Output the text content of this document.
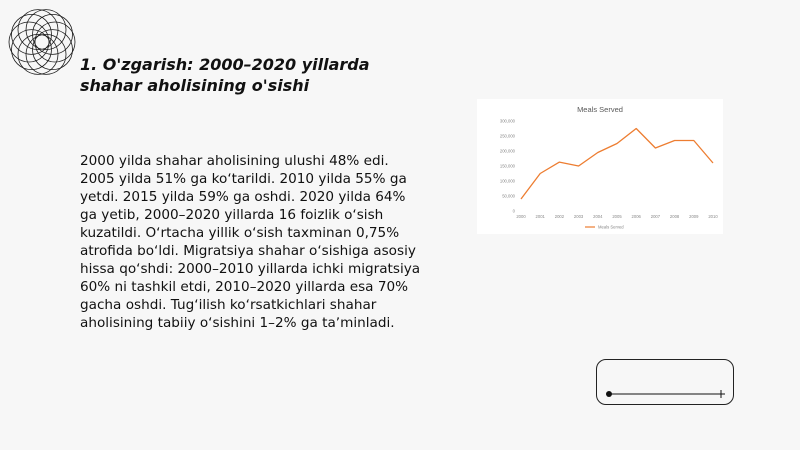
1. O'zgarish: 2000–2020 yillarda
shahar aholisining o'sishi

2000 yilda shahar aholisining ulushi 48% edi. 2005 yilda 51% ga koʻtarildi. 2010 yilda 55% ga yetdi. 2015 yilda 59% ga oshdi. 2020 yilda 64% ga yetib, 2000–2020 yillarda 16 foizlik oʻsish kuzatildi. Oʻrtacha yillik oʻsish taxminan 0,75% atrofida boʻldi. Migratsiya shahar oʻsishiga asosiy hissa qoʻshdi: 2000–2010 yillarda ichki migratsiya 60% ni tashkil etdi, 2010–2020 yillarda esa 70% gacha oshdi. Tugʻilish koʻrsatkichlari shahar aholisining tabiiy oʻsishini 1–2% ga taʼminladi.

Meals Served
0
50,000
100,000
150,000
200,000
250,000
300,000
2000 2001 2002 2003 2004 2005 2006 2007 2008 2009 2010
Meals Served
